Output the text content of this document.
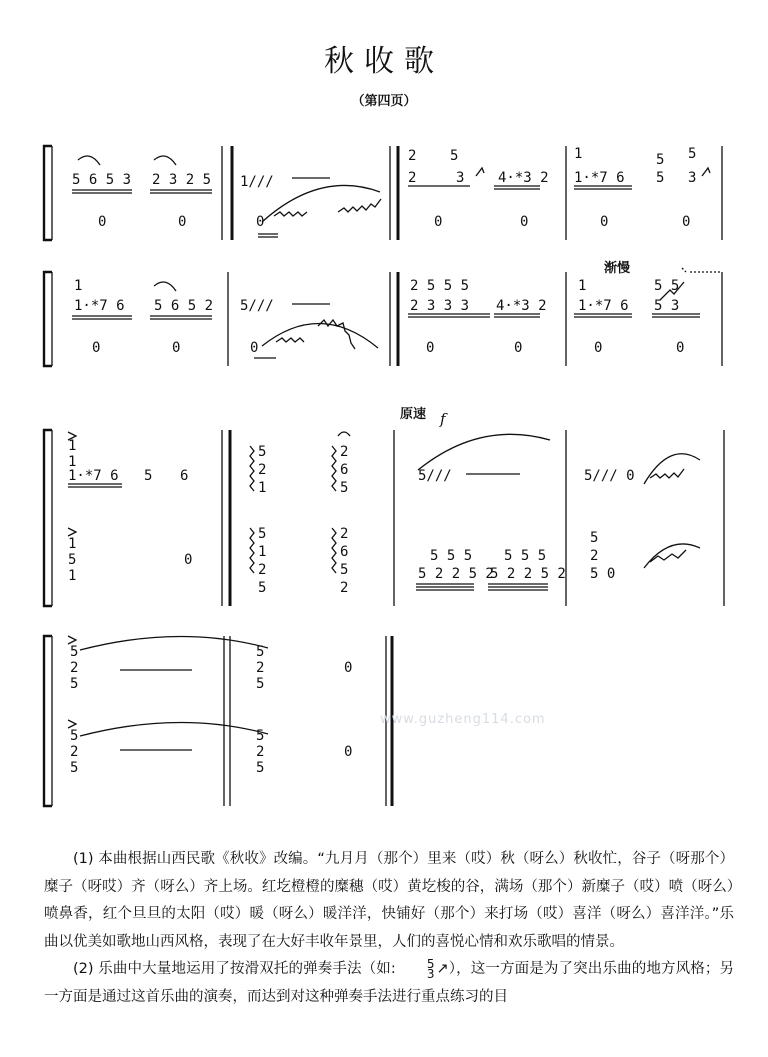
秋收歌
（第四页）
5 6 5 3 2 3 2 5
0	0
1///
0
2 5
2	3 4·*3 2
0	0
1
1·*7 6
5 5
5 3
0	0
1
1·*7 6 5 6 5 2
0	0
5///
0
2 5 5 5
2 3 3 3 4·*3 2
0	0
1
1·*7 6
5 5
5 3
0	0
1
1
1·*7 6 5 6
5
2
1
2
6
5
5///	5/// 0
1
5
1
0
5
1
2
5
2
6
5
2
5 5 5
5 2 2 5 2
5 5 5
5 2 2 5 2
5
2
5 0
5
2
5
5
2
5
0
5
2
5
5
2
5
0
渐慢
原速 f
www.guzheng114.com

(1) 本曲根据山西民歌《秋收》改编。“九月月（那个）里来（哎）秋（呀么）秋收忙，谷子（呀那个）糜子（呀哎）齐（呀么）齐上场。红圪橙橙的糜穗（哎）黄圪梭的谷，满场（那个）新糜子（哎）喷（呀么）喷鼻香，红个旦旦的太阳（哎）暖（呀么）暖洋洋，快铺好（那个）来打场（哎）喜洋（呀么）喜洋洋。”乐曲以优美如歌地山西风格，表现了在大好丰收年景里，人们的喜悦心情和欢乐歌唱的情景。

(2) 乐曲中大量地运用了按滑双托的弹奏手法（如:	5
3 ↗），这一方面是为了突出乐曲的地方风格；另一方面是通过这首乐曲的演奏，而达到对这种弹奏手法进行重点练习的目
